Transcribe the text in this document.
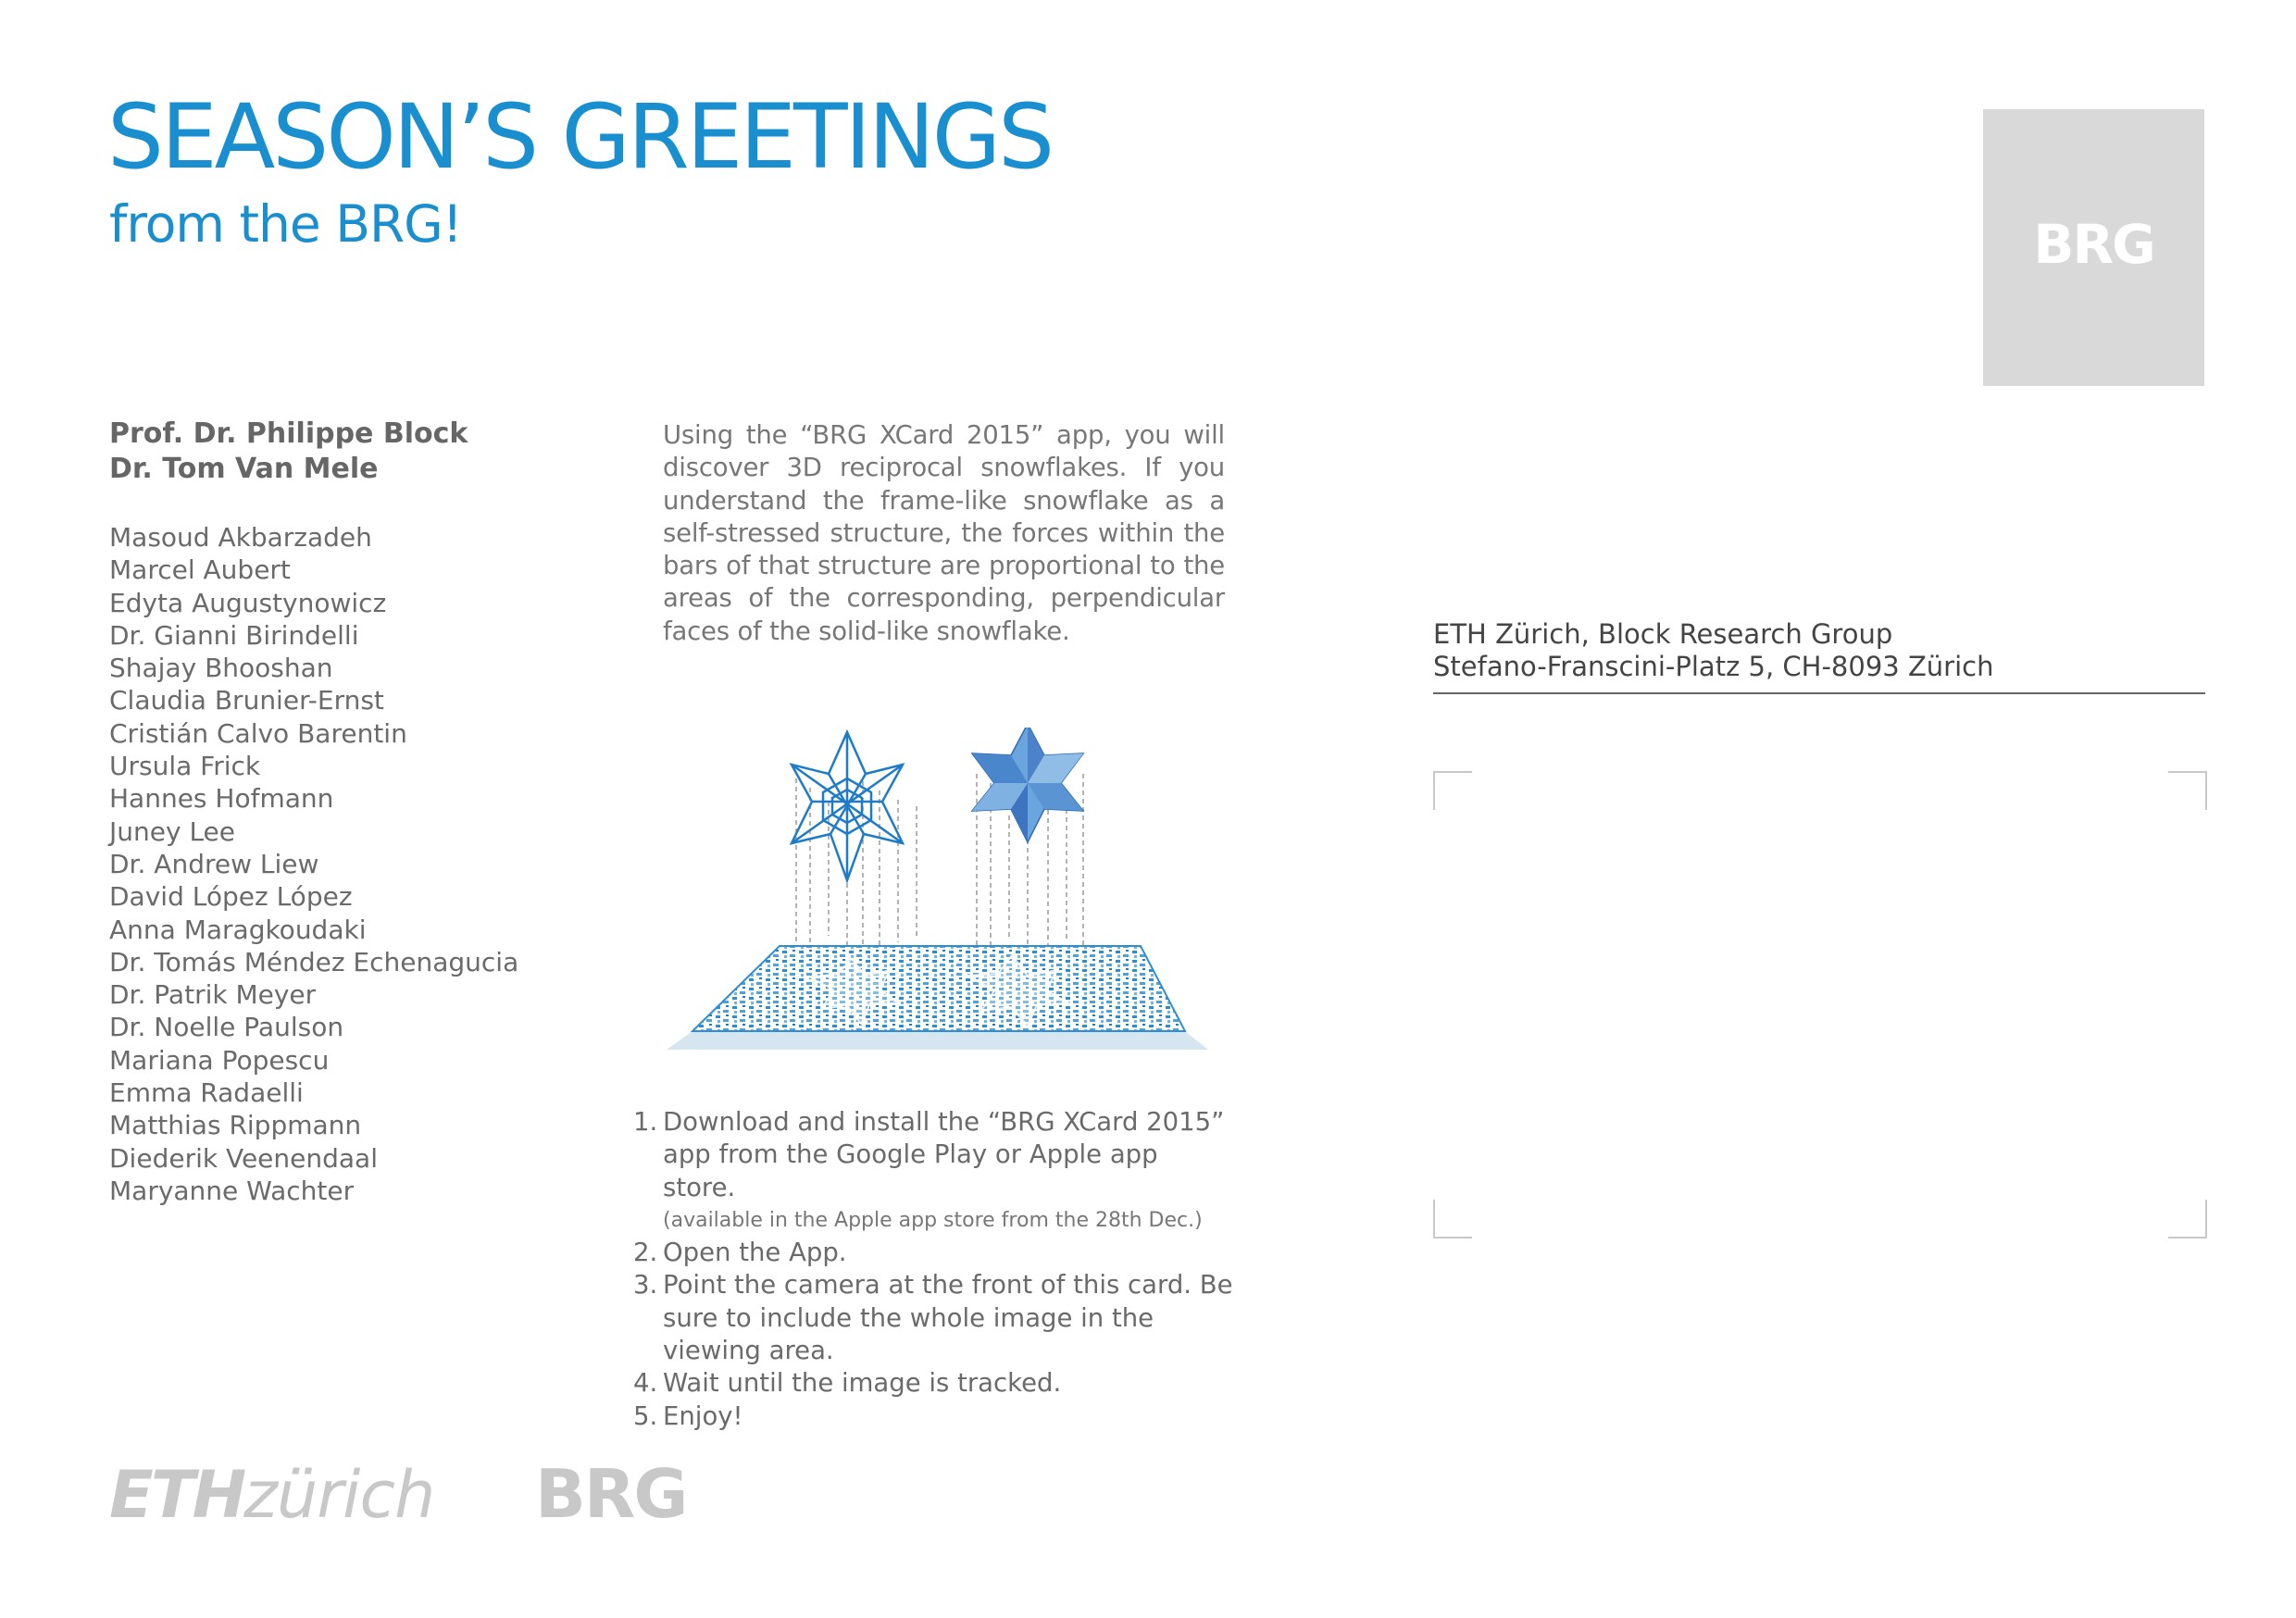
SEASON’S GREETINGS
from the BRG!	BRG
Prof. Dr. Philippe Block
Dr. Tom Van Mele
Masoud Akbarzadeh
Marcel Aubert
Edyta Augustynowicz
Dr. Gianni Birindelli
Shajay Bhooshan
Claudia Brunier-Ernst
Cristián Calvo Barentin
Ursula Frick
Hannes Hofmann
Juney Lee
Dr. Andrew Liew
David López López
Anna Maragkoudaki
Dr. Tomás Méndez Echenagucia
Dr. Patrik Meyer
Dr. Noelle Paulson
Mariana Popescu
Emma Radaelli
Matthias Rippmann
Diederik Veenendaal
Maryanne Wachter

Using the “BRG XCard 2015” app, you will discover 3D reciprocal snowflakes. If you understand the frame-like snowflake as a self-stressed structure, the forces within the bars of that structure are proportional to the areas of the corresponding, perpendicular faces of the solid-like snowflake.

1. Download and install the “BRG XCard 2015” app from the Google Play or Apple app store.
(available in the Apple app store from the 28th Dec.)
2. Open the App.
3. Point the camera at the front of this card. Be sure to include the whole image in the viewing area.
4. Wait until the image is tracked.
5. Enjoy!
ETH Zürich, Block Research Group
Stefano-Franscini-Platz 5, CH-8093 Zürich
ETHzürich BRG
